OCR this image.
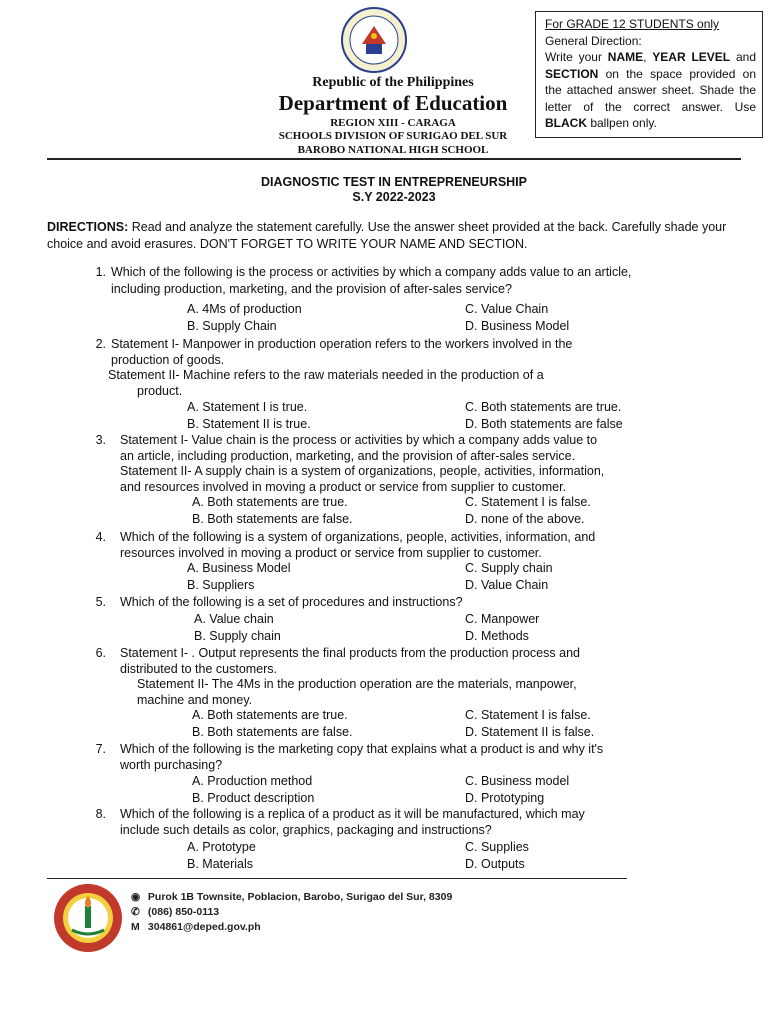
Republic of the Philippines
Department of Education
REGION XIII - CARAGA
SCHOOLS DIVISION OF SURIGAO DEL SUR
BAROBO NATIONAL HIGH SCHOOL
For GRADE 12 STUDENTS only
General Direction:
Write your NAME, YEAR LEVEL and SECTION on the space provided on the attached answer sheet. Shade the letter of the correct answer. Use BLACK ballpen only.
DIAGNOSTIC TEST IN ENTREPRENEURSHIP
S.Y 2022-2023
DIRECTIONS: Read and analyze the statement carefully. Use the answer sheet provided at the back. Carefully shade your choice and avoid erasures. DON'T FORGET TO WRITE YOUR NAME AND SECTION.
1. Which of the following is the process or activities by which a company adds value to an article,
including production, marketing, and the provision of after-sales service?
A. 4Ms of production	C. Value Chain
B. Supply Chain	D. Business Model
2. Statement I- Manpower in production operation refers to the workers involved in the
production of goods.
Statement II- Machine refers to the raw materials needed in the production of a
product.
A. Statement I is true.	C. Both statements are true.
B. Statement II is true.	D. Both statements are false
3. Statement I- Value chain is the process or activities by which a company adds value to
an article, including production, marketing, and the provision of after-sales service.
Statement II- A supply chain is a system of organizations, people, activities, information,
and resources involved in moving a product or service from supplier to customer.
A. Both statements are true.	C. Statement I is false.
B. Both statements are false.	D. none of the above.
4. Which of the following is a system of organizations, people, activities, information, and
resources involved in moving a product or service from supplier to customer.
A. Business Model	C. Supply chain
B. Suppliers	D. Value Chain
5. Which of the following is a set of procedures and instructions?
A. Value chain	C. Manpower
B. Supply chain	D. Methods
6. Statement I- . Output represents the final products from the production process and
distributed to the customers.
Statement II- The 4Ms in the production operation are the materials, manpower,
machine and money.
A. Both statements are true.	C. Statement I is false.
B. Both statements are false.	D. Statement II is false.
7. Which of the following is the marketing copy that explains what a product is and why it's
worth purchasing?
A. Production method	C. Business model
B. Product description	D. Prototyping
8. Which of the following is a replica of a product as it will be manufactured, which may
include such details as color, graphics, packaging and instructions?
A. Prototype	C. Supplies
B. Materials	D. Outputs
◉ Purok 1B Townsite, Poblacion, Barobo, Surigao del Sur, 8309
✆ (086) 850-0113
M 304861@deped.gov.ph
